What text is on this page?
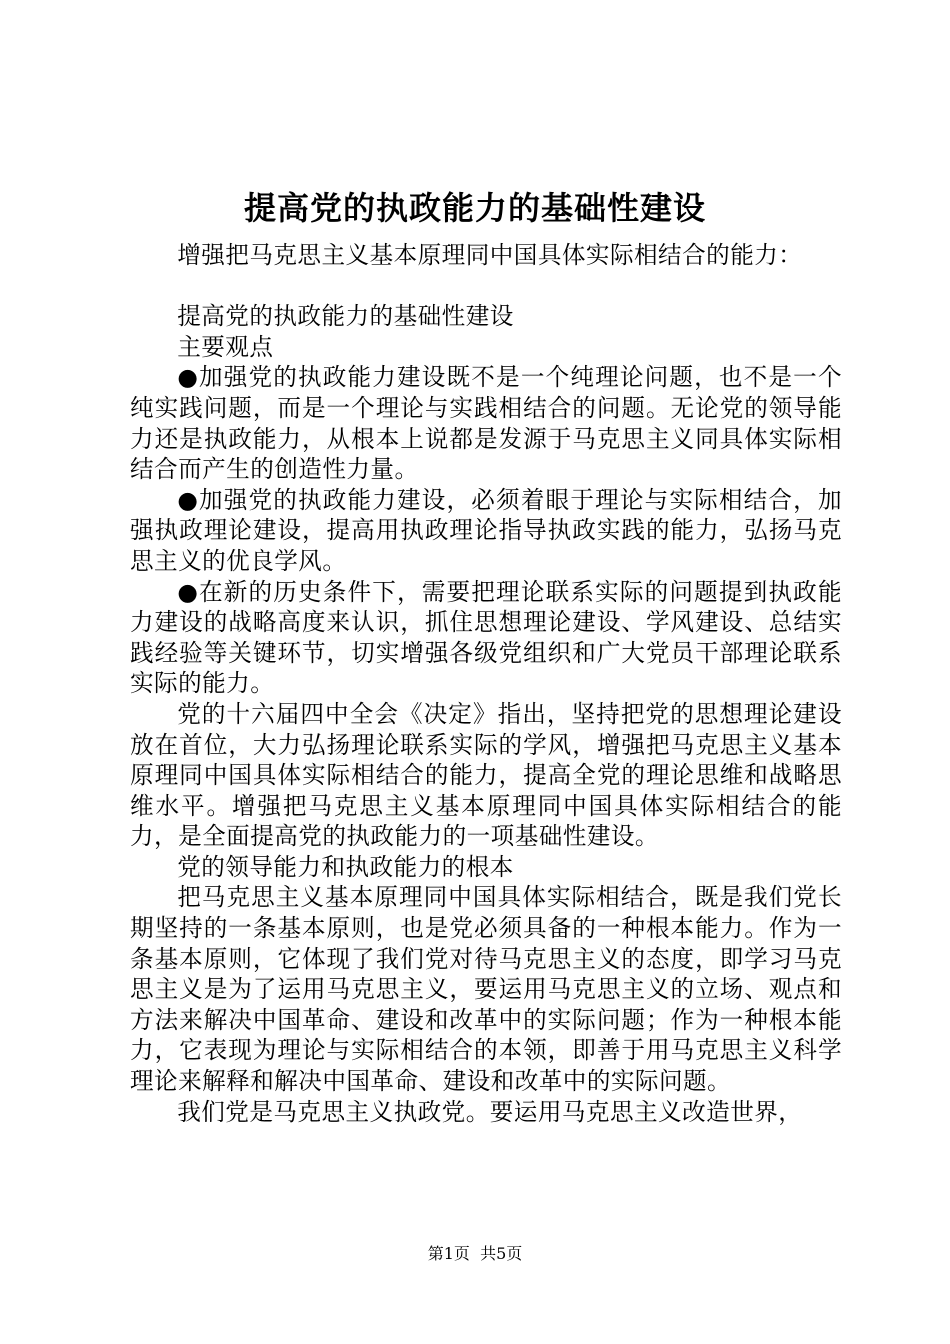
提高党的执政能力的基础性建设

增强把马克思主义基本原理同中国具体实际相结合的能力：

提高党的执政能力的基础性建设

主要观点

●加强党的执政能力建设既不是一个纯理论问题，也不是一个纯实践问题，而是一个理论与实践相结合的问题。无论党的领导能力还是执政能力，从根本上说都是发源于马克思主义同具体实际相结合而产生的创造性力量。

●加强党的执政能力建设，必须着眼于理论与实际相结合，加强执政理论建设，提高用执政理论指导执政实践的能力，弘扬马克思主义的优良学风。

●在新的历史条件下，需要把理论联系实际的问题提到执政能力建设的战略高度来认识，抓住思想理论建设、学风建设、总结实践经验等关键环节，切实增强各级党组织和广大党员干部理论联系实际的能力。

党的十六届四中全会《决定》指出，坚持把党的思想理论建设放在首位，大力弘扬理论联系实际的学风，增强把马克思主义基本原理同中国具体实际相结合的能力，提高全党的理论思维和战略思维水平。增强把马克思主义基本原理同中国具体实际相结合的能力，是全面提高党的执政能力的一项基础性建设。

党的领导能力和执政能力的根本

把马克思主义基本原理同中国具体实际相结合，既是我们党长期坚持的一条基本原则，也是党必须具备的一种根本能力。作为一条基本原则，它体现了我们党对待马克思主义的态度，即学习马克思主义是为了运用马克思主义，要运用马克思主义的立场、观点和方法来解决中国革命、建设和改革中的实际问题；作为一种根本能力，它表现为理论与实际相结合的本领，即善于用马克思主义科学理论来解释和解决中国革命、建设和改革中的实际问题。

我们党是马克思主义执政党。要运用马克思主义改造世界，

第1页 共5页
